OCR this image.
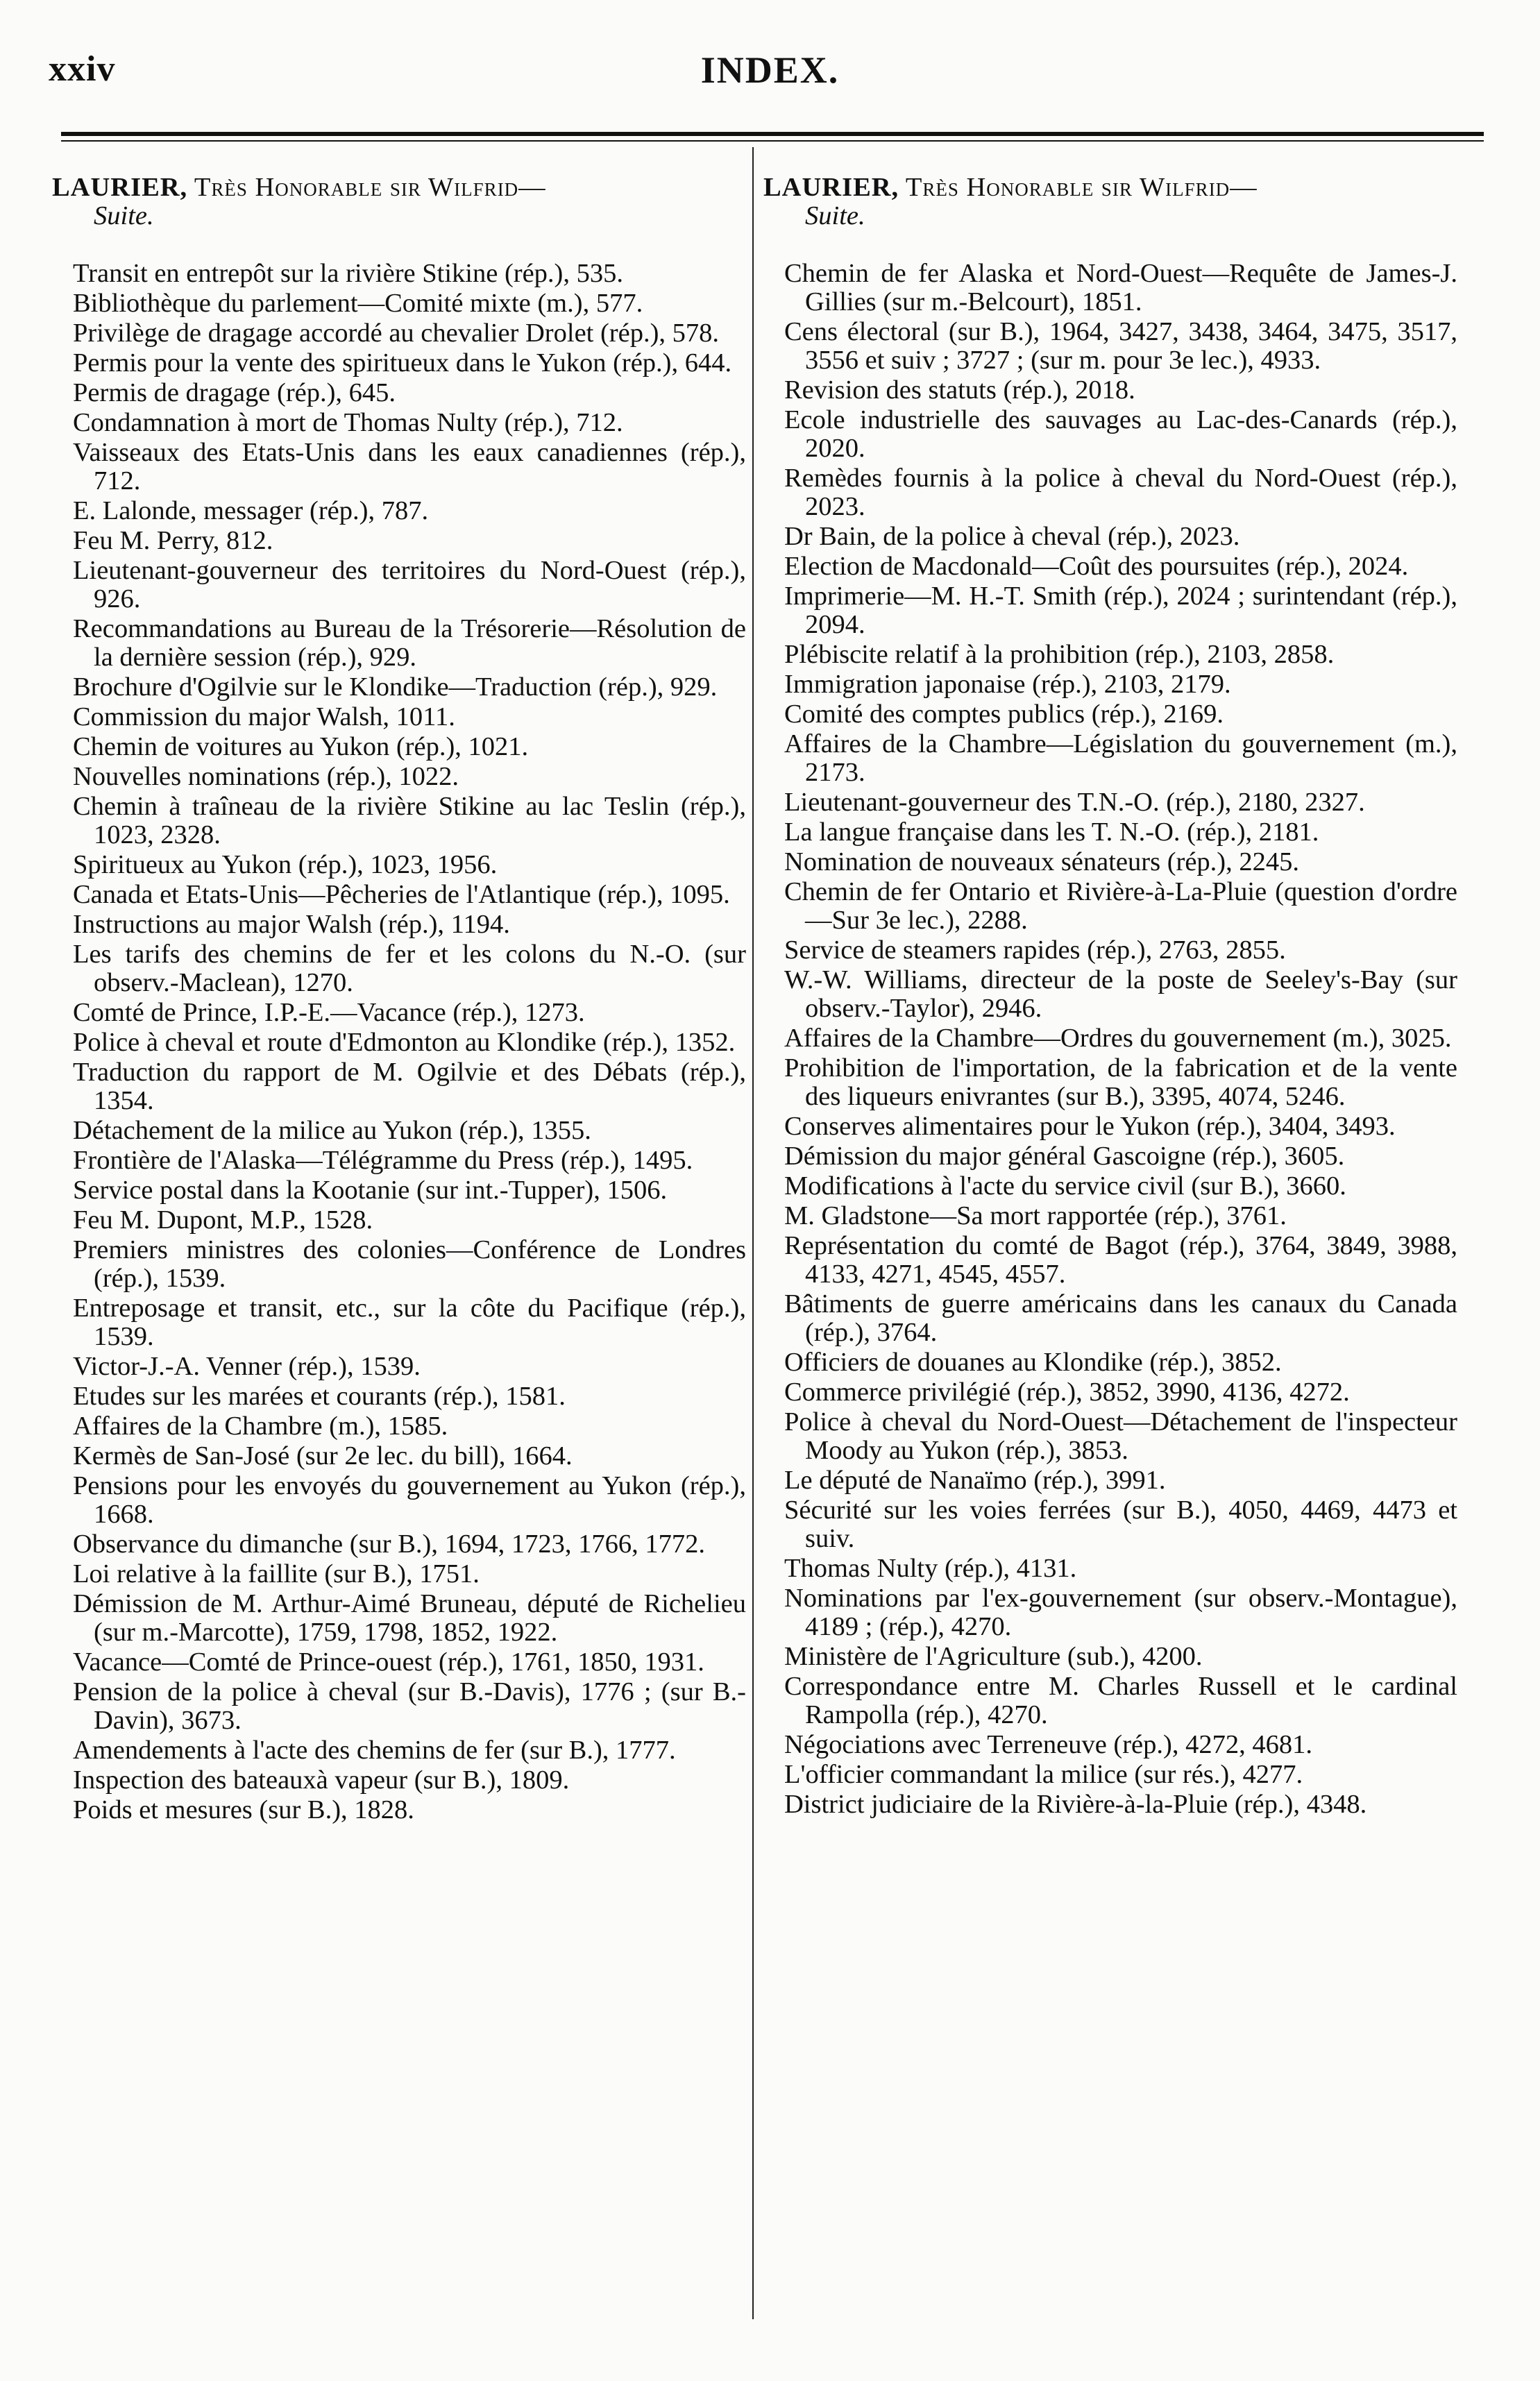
xxiv	INDEX.
LAURIER, Très Honorable sir Wilfrid—
Suite.
Transit en entrepôt sur la rivière Stikine (rép.), 535.
Bibliothèque du parlement—Comité mixte (m.), 577.
Privilège de dragage accordé au chevalier Drolet (rép.), 578.
Permis pour la vente des spiritueux dans le Yukon (rép.), 644.
Permis de dragage (rép.), 645.
Condamnation à mort de Thomas Nulty (rép.), 712.
Vaisseaux des Etats-Unis dans les eaux canadiennes (rép.), 712.
E. Lalonde, messager (rép.), 787.
Feu M. Perry, 812.
Lieutenant-gouverneur des territoires du Nord-Ouest (rép.), 926.
Recommandations au Bureau de la Trésorerie—Résolution de la dernière session (rép.), 929.
Brochure d'Ogilvie sur le Klondike—Traduction (rép.), 929.
Commission du major Walsh, 1011.
Chemin de voitures au Yukon (rép.), 1021.
Nouvelles nominations (rép.), 1022.
Chemin à traîneau de la rivière Stikine au lac Teslin (rép.), 1023, 2328.
Spiritueux au Yukon (rép.), 1023, 1956.
Canada et Etats-Unis—Pêcheries de l'Atlantique (rép.), 1095.
Instructions au major Walsh (rép.), 1194.
Les tarifs des chemins de fer et les colons du N.-O. (sur observ.-Maclean), 1270.
Comté de Prince, I.P.-E.—Vacance (rép.), 1273.
Police à cheval et route d'Edmonton au Klondike (rép.), 1352.
Traduction du rapport de M. Ogilvie et des Débats (rép.), 1354.
Détachement de la milice au Yukon (rép.), 1355.
Frontière de l'Alaska—Télégramme du Press (rép.), 1495.
Service postal dans la Kootanie (sur int.-Tupper), 1506.
Feu M. Dupont, M.P., 1528.
Premiers ministres des colonies—Conférence de Londres (rép.), 1539.
Entreposage et transit, etc., sur la côte du Pacifique (rép.), 1539.
Victor-J.-A. Venner (rép.), 1539.
Etudes sur les marées et courants (rép.), 1581.
Affaires de la Chambre (m.), 1585.
Kermès de San-José (sur 2e lec. du bill), 1664.
Pensions pour les envoyés du gouvernement au Yukon (rép.), 1668.
Observance du dimanche (sur B.), 1694, 1723, 1766, 1772.
Loi relative à la faillite (sur B.), 1751.
Démission de M. Arthur-Aimé Bruneau, député de Richelieu (sur m.-Marcotte), 1759, 1798, 1852, 1922.
Vacance—Comté de Prince-ouest (rép.), 1761, 1850, 1931.
Pension de la police à cheval (sur B.-Davis), 1776 ; (sur B.-Davin), 3673.
Amendements à l'acte des chemins de fer (sur B.), 1777.
Inspection des bateauxà vapeur (sur B.), 1809.
Poids et mesures (sur B.), 1828.
LAURIER, Très Honorable sir Wilfrid—
Suite.
Chemin de fer Alaska et Nord-Ouest—Requête de James-J. Gillies (sur m.-Belcourt), 1851.
Cens électoral (sur B.), 1964, 3427, 3438, 3464, 3475, 3517, 3556 et suiv ; 3727 ; (sur m. pour 3e lec.), 4933.
Revision des statuts (rép.), 2018.
Ecole industrielle des sauvages au Lac-des-Canards (rép.), 2020.
Remèdes fournis à la police à cheval du Nord-Ouest (rép.), 2023.
Dr Bain, de la police à cheval (rép.), 2023.
Election de Macdonald—Coût des poursuites (rép.), 2024.
Imprimerie—M. H.-T. Smith (rép.), 2024 ; surintendant (rép.), 2094.
Plébiscite relatif à la prohibition (rép.), 2103, 2858.
Immigration japonaise (rép.), 2103, 2179.
Comité des comptes publics (rép.), 2169.
Affaires de la Chambre—Législation du gouvernement (m.), 2173.
Lieutenant-gouverneur des T.N.-O. (rép.), 2180, 2327.
La langue française dans les T. N.-O. (rép.), 2181.
Nomination de nouveaux sénateurs (rép.), 2245.
Chemin de fer Ontario et Rivière-à-La-Pluie (question d'ordre—Sur 3e lec.), 2288.
Service de steamers rapides (rép.), 2763, 2855.
W.-W. Williams, directeur de la poste de Seeley's-Bay (sur observ.-Taylor), 2946.
Affaires de la Chambre—Ordres du gouvernement (m.), 3025.
Prohibition de l'importation, de la fabrication et de la vente des liqueurs enivrantes (sur B.), 3395, 4074, 5246.
Conserves alimentaires pour le Yukon (rép.), 3404, 3493.
Démission du major général Gascoigne (rép.), 3605.
Modifications à l'acte du service civil (sur B.), 3660.
M. Gladstone—Sa mort rapportée (rép.), 3761.
Représentation du comté de Bagot (rép.), 3764, 3849, 3988, 4133, 4271, 4545, 4557.
Bâtiments de guerre américains dans les canaux du Canada (rép.), 3764.
Officiers de douanes au Klondike (rép.), 3852.
Commerce privilégié (rép.), 3852, 3990, 4136, 4272.
Police à cheval du Nord-Ouest—Détachement de l'inspecteur Moody au Yukon (rép.), 3853.
Le député de Nanaïmo (rép.), 3991.
Sécurité sur les voies ferrées (sur B.), 4050, 4469, 4473 et suiv.
Thomas Nulty (rép.), 4131.
Nominations par l'ex-gouvernement (sur observ.-Montague), 4189 ; (rép.), 4270.
Ministère de l'Agriculture (sub.), 4200.
Correspondance entre M. Charles Russell et le cardinal Rampolla (rép.), 4270.
Négociations avec Terreneuve (rép.), 4272, 4681.
L'officier commandant la milice (sur rés.), 4277.
District judiciaire de la Rivière-à-la-Pluie (rép.), 4348.
